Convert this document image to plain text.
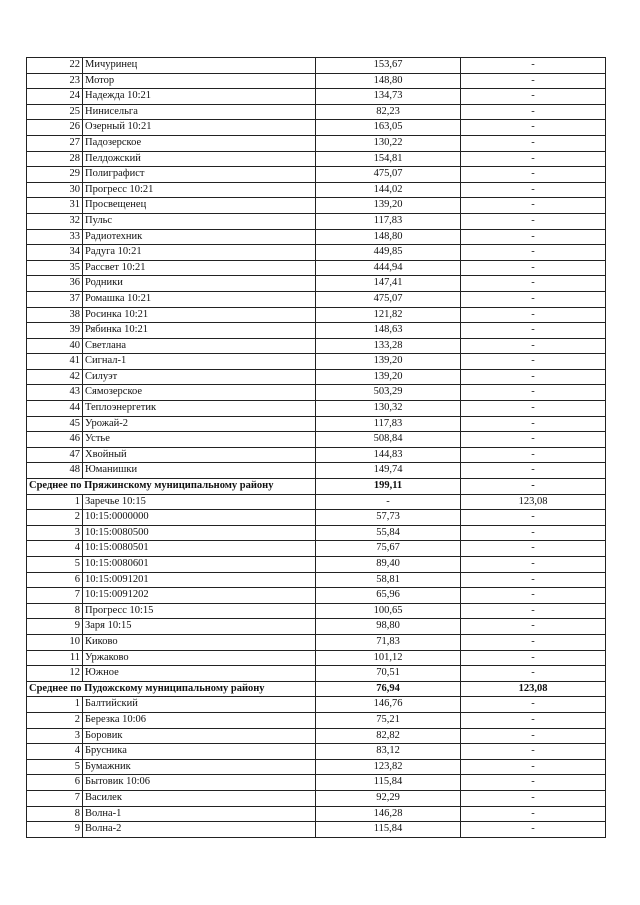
22	Мичуринец	153,67	-
23	Мотор	148,80	-
24	Надежда 10:21	134,73	-
25	Нинисельга	82,23	-
26	Озерный 10:21	163,05	-
27	Падозерское	130,22	-
28	Пелдожский	154,81	-
29	Полиграфист	475,07	-
30	Прогресс 10:21	144,02	-
31	Просвещенец	139,20	-
32	Пульс	117,83	-
33	Радиотехник	148,80	-
34	Радуга 10:21	449,85	-
35	Рассвет 10:21	444,94	-
36	Родники	147,41	-
37	Ромашка 10:21	475,07	-
38	Росинка 10:21	121,82	-
39	Рябинка 10:21	148,63	-
40	Светлана	133,28	-
41	Сигнал-1	139,20	-
42	Силуэт	139,20	-
43	Сямозерское	503,29	-
44	Теплоэнергетик	130,32	-
45	Урожай-2	117,83	-
46	Устье	508,84	-
47	Хвойный	144,83	-
48	Юманишки	149,74	-
Среднее по Пряжинскому муниципальному району		199,11	-
1	Заречье 10:15	-	123,08
2	10:15:0000000	57,73	-
3	10:15:0080500	55,84	-
4	10:15:0080501	75,67	-
5	10:15:0080601	89,40	-
6	10:15:0091201	58,81	-
7	10:15:0091202	65,96	-
8	Прогресс 10:15	100,65	-
9	Заря 10:15	98,80	-
10	Киково	71,83	-
11	Уржаково	101,12	-
12	Южное	70,51	-
Среднее по Пудожскому муниципальному району		76,94	123,08
1	Балтийский	146,76	-
2	Березка 10:06	75,21	-
3	Боровик	82,82	-
4	Брусника	83,12	-
5	Бумажник	123,82	-
6	Бытовик 10:06	115,84	-
7	Василек	92,29	-
8	Волна-1	146,28	-
9	Волна-2	115,84	-
